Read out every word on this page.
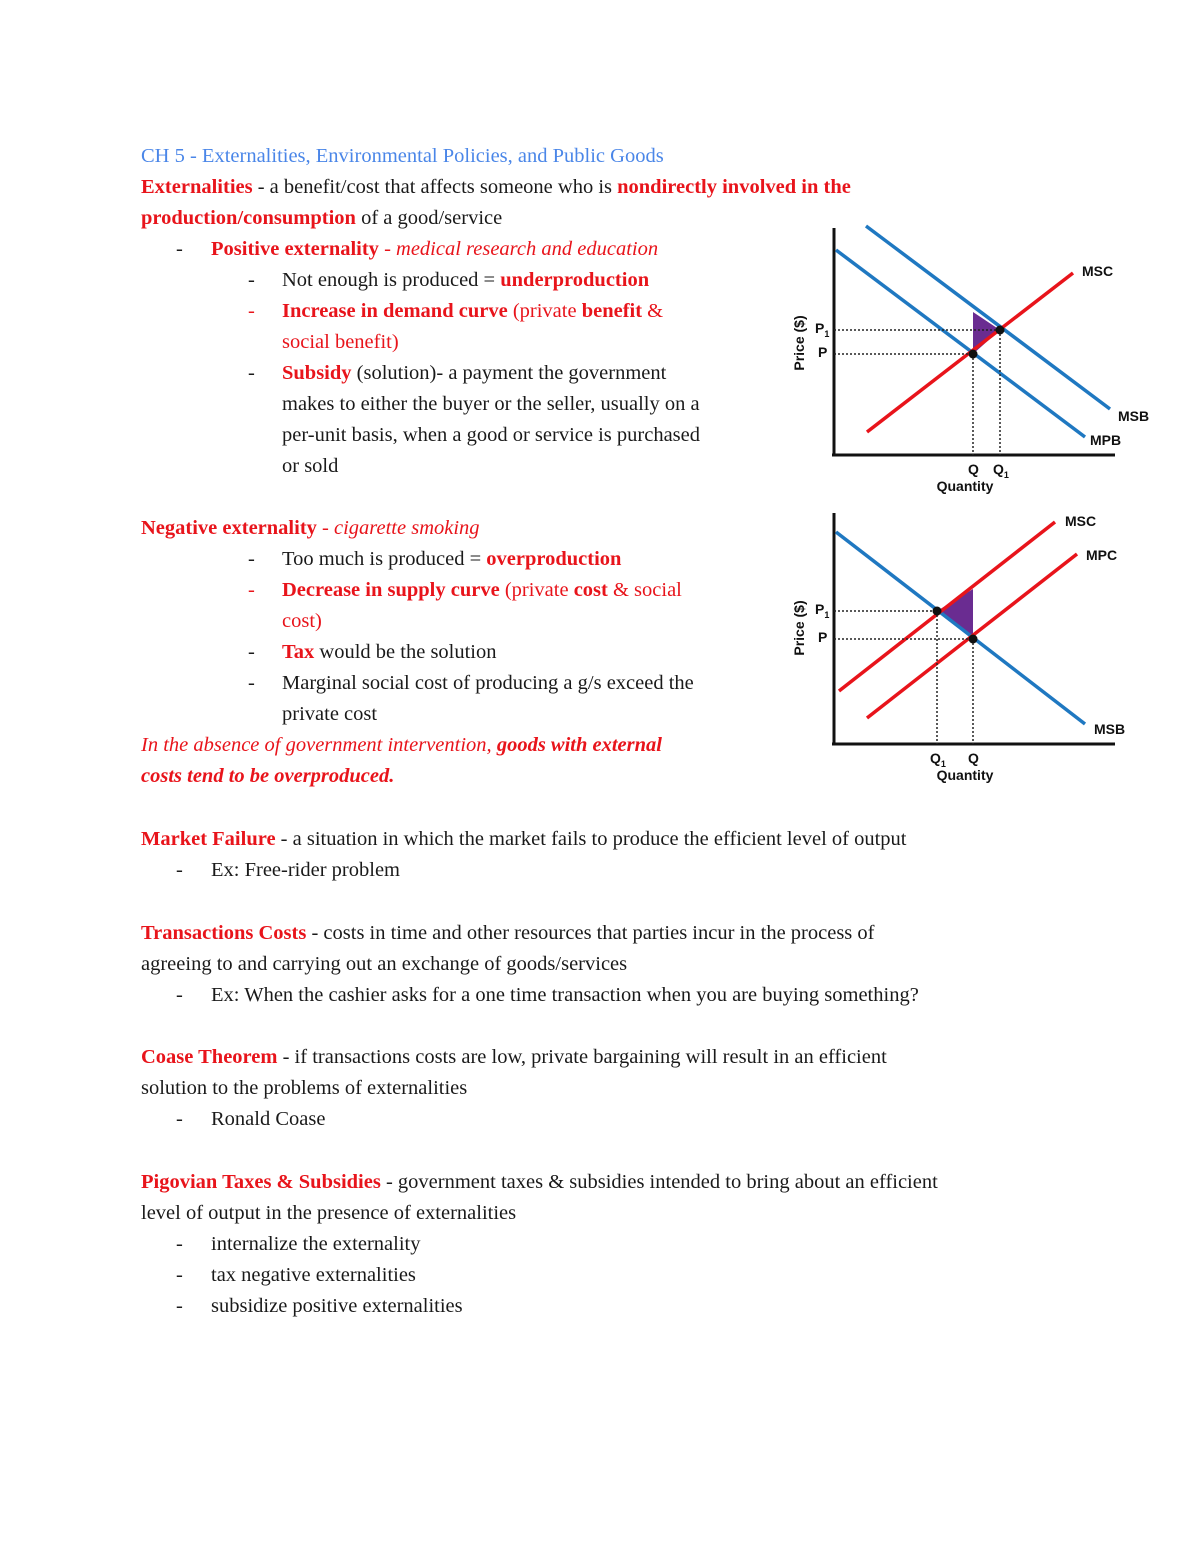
CH 5 - Externalities, Environmental Policies, and Public Goods
Externalities - a benefit/cost that affects someone who is nondirectly involved in the
production/consumption of a good/service
- Positive externality - medical research and education
- Not enough is produced = underproduction
- Increase in demand curve (private benefit &
social benefit)
- Subsidy (solution)- a payment the government
makes to either the buyer or the seller, usually on a
per-unit basis, when a good or service is purchased
or sold
Negative externality - cigarette smoking
- Too much is produced = overproduction
- Decrease in supply curve (private cost & social
cost)
- Tax would be the solution
- Marginal social cost of producing a g/s exceed the
private cost
In the absence of government intervention, goods with external
costs tend to be overproduced.
Market Failure - a situation in which the market fails to produce the efficient level of output
- Ex: Free-rider problem
Transactions Costs - costs in time and other resources that parties incur in the process of
agreeing to and carrying out an exchange of goods/services
- Ex: When the cashier asks for a one time transaction when you are buying something?
Coase Theorem - if transactions costs are low, private bargaining will result in an efficient
solution to the problems of externalities
- Ronald Coase
Pigovian Taxes & Subsidies - government taxes & subsidies intended to bring about an efficient
level of output in the presence of externalities
- internalize the externality
- tax negative externalities
- subsidize positive externalities
Price ($) $P_1$
P
Q $Q_1$
Quantity
MSC
MSB
MPB
Price ($) $P_1$
P
$Q_1$ Q
Quantity
MSC
MPC
MSB
